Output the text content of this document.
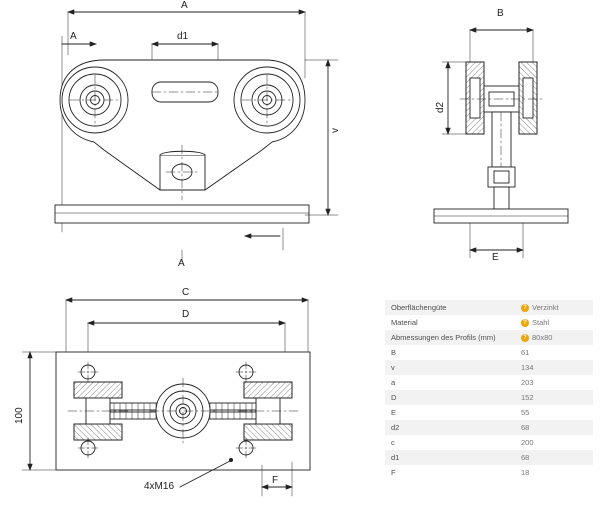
A
A	d1
v
A
B
d2
E
C
D
100
4xM16
F
Oberflächengüte	? Verzinkt
Material	? Stahl
Abmessungen des Profils (mm)	? 80x80
B	61
v	134
a	203
D	152
E	55
d2	68
c	200
d1	68
F	18
